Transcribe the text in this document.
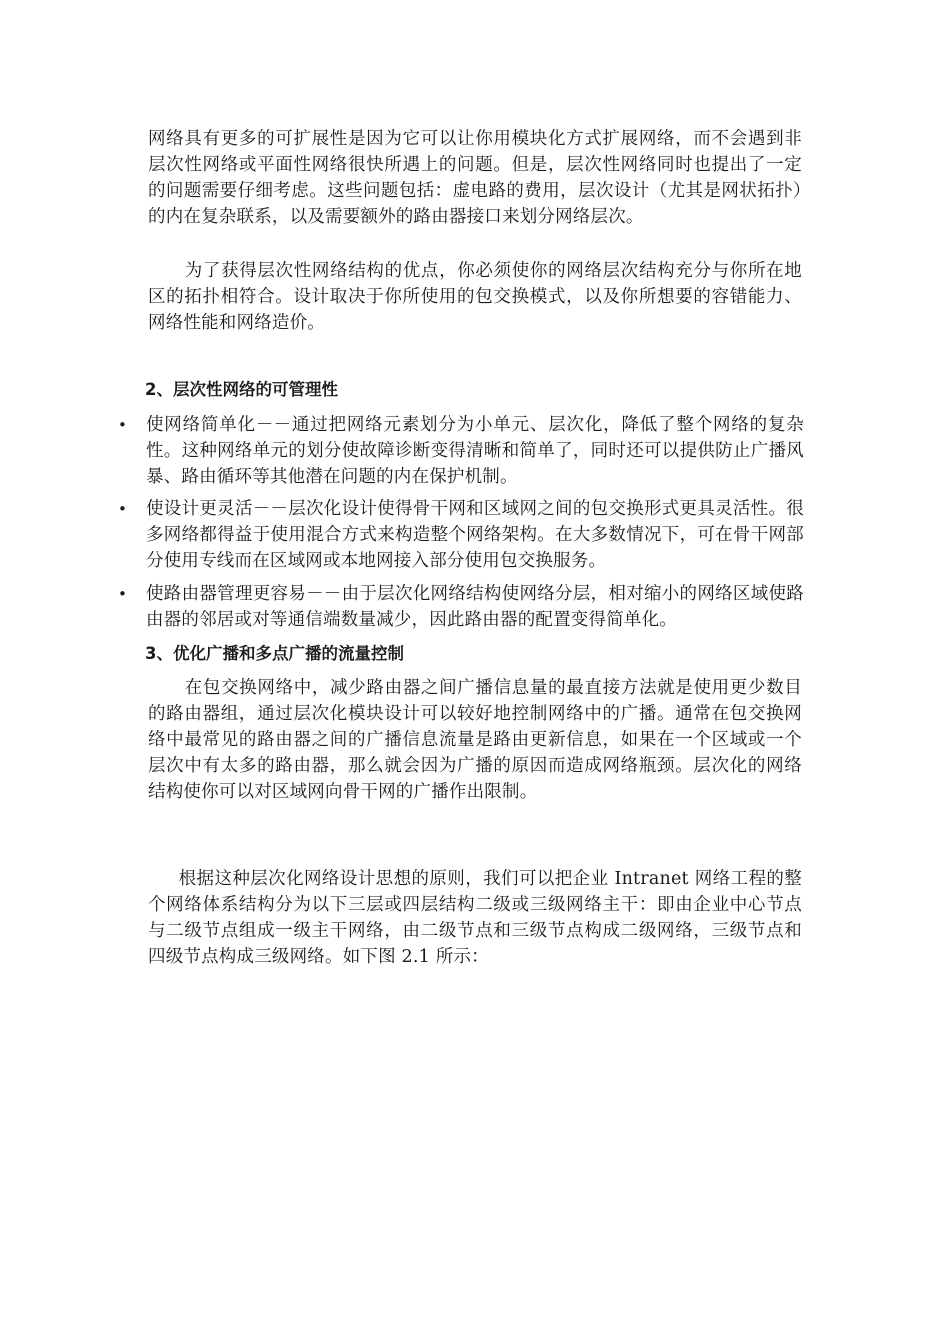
网络具有更多的可扩展性是因为它可以让你用模块化方式扩展网络，而不会遇到非层次性网络或平面性网络很快所遇上的问题。但是，层次性网络同时也提出了一定的问题需要仔细考虑。这些问题包括：虚电路的费用，层次设计（尤其是网状拓扑）的内在复杂联系，以及需要额外的路由器接口来划分网络层次。

为了获得层次性网络结构的优点，你必须使你的网络层次结构充分与你所在地区的拓扑相符合。设计取决于你所使用的包交换模式，以及你所想要的容错能力、网络性能和网络造价。

2、层次性网络的可管理性

•	使网络简单化－－通过把网络元素划分为小单元、层次化，降低了整个网络的复杂性。这种网络单元的划分使故障诊断变得清晰和简单了，同时还可以提供防止广播风暴、路由循环等其他潜在问题的内在保护机制。
•	使设计更灵活－－层次化设计使得骨干网和区域网之间的包交换形式更具灵活性。很多网络都得益于使用混合方式来构造整个网络架构。在大多数情况下，可在骨干网部分使用专线而在区域网或本地网接入部分使用包交换服务。
•	使路由器管理更容易－－由于层次化网络结构使网络分层，相对缩小的网络区域使路由器的邻居或对等通信端数量减少，因此路由器的配置变得简单化。

3、优化广播和多点广播的流量控制

在包交换网络中，减少路由器之间广播信息量的最直接方法就是使用更少数目的路由器组，通过层次化模块设计可以较好地控制网络中的广播。通常在包交换网络中最常见的路由器之间的广播信息流量是路由更新信息，如果在一个区域或一个层次中有太多的路由器，那么就会因为广播的原因而造成网络瓶颈。层次化的网络结构使你可以对区域网向骨干网的广播作出限制。

根据这种层次化网络设计思想的原则，我们可以把企业 Intranet 网络工程的整个网络体系结构分为以下三层或四层结构二级或三级网络主干：即由企业中心节点与二级节点组成一级主干网络，由二级节点和三级节点构成二级网络，三级节点和四级节点构成三级网络。如下图 2.1 所示：
